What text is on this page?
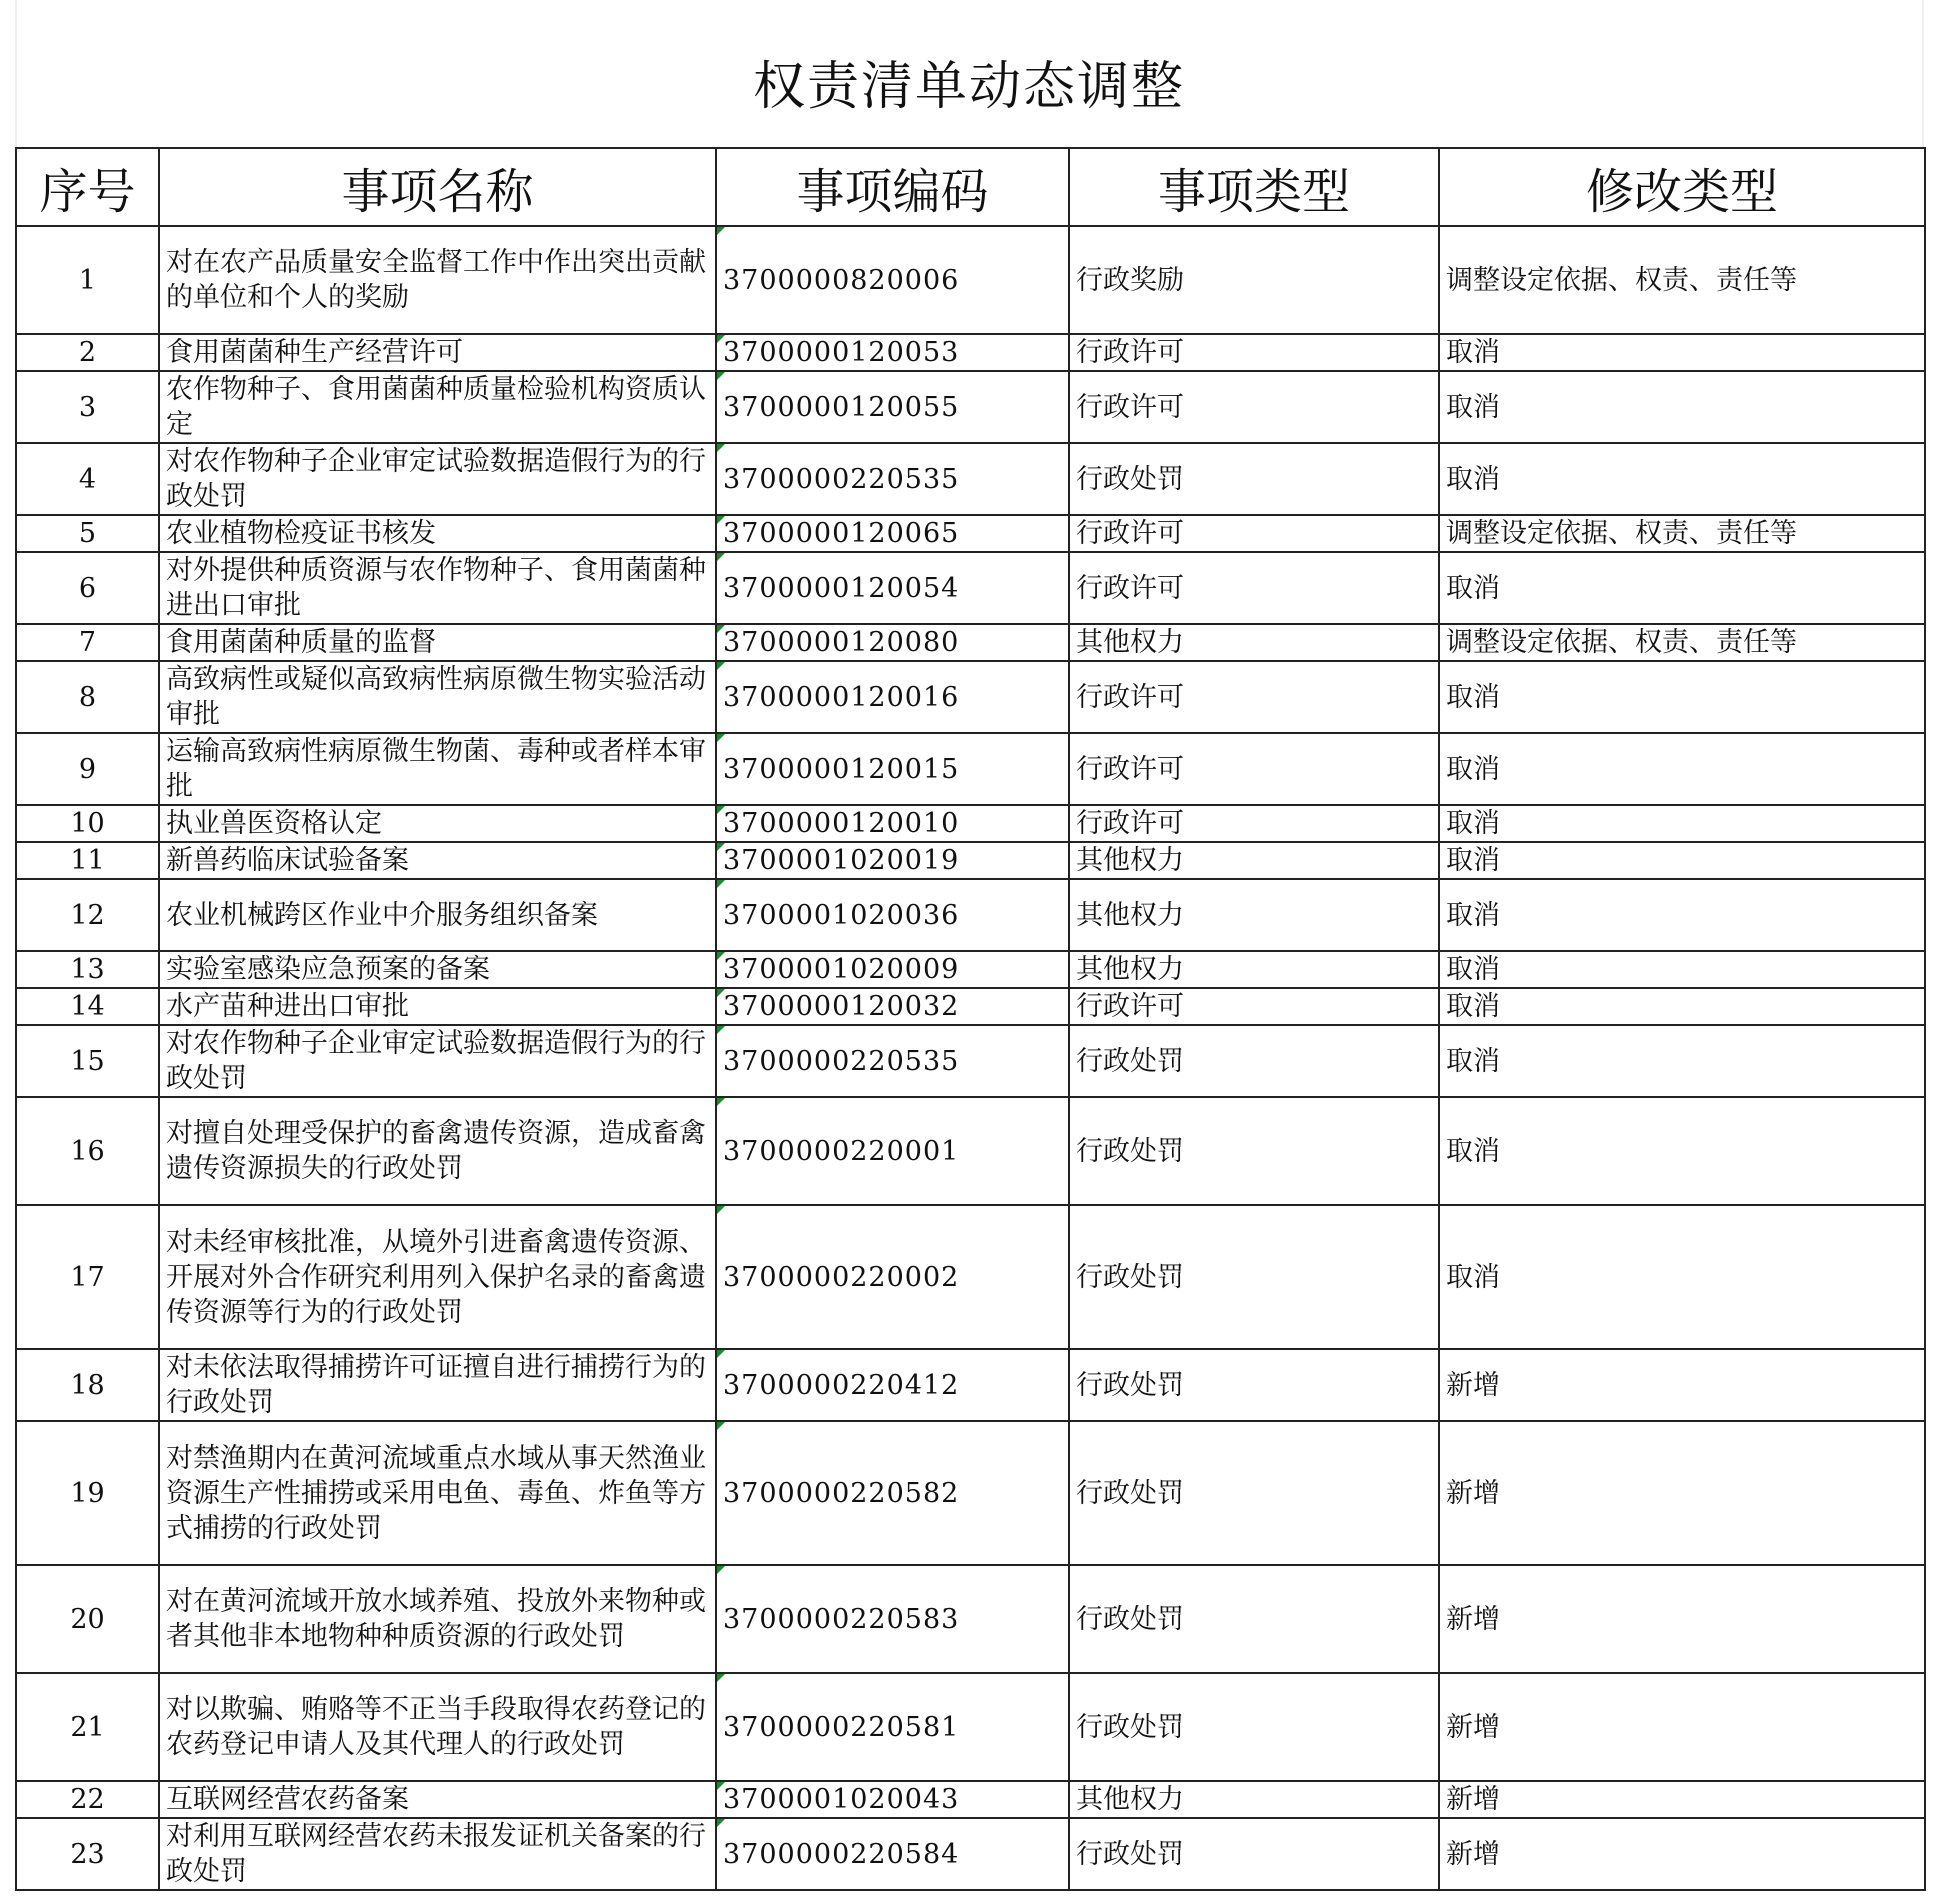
权责清单动态调整
序号	事项名称	事项编码	事项类型	修改类型
1	对在农产品质量安全监督工作中作出突出贡献的单位和个人的奖励	3700000820006	行政奖励	调整设定依据、权责、责任等
2	食用菌菌种生产经营许可	3700000120053	行政许可	取消
3	农作物种子、食用菌菌种质量检验机构资质认定	3700000120055	行政许可	取消
4	对农作物种子企业审定试验数据造假行为的行政处罚	3700000220535	行政处罚	取消
5	农业植物检疫证书核发	3700000120065	行政许可	调整设定依据、权责、责任等
6	对外提供种质资源与农作物种子、食用菌菌种进出口审批	3700000120054	行政许可	取消
7	食用菌菌种质量的监督	3700000120080	其他权力	调整设定依据、权责、责任等
8	高致病性或疑似高致病性病原微生物实验活动审批	3700000120016	行政许可	取消
9	运输高致病性病原微生物菌、毒种或者样本审批	3700000120015	行政许可	取消
10	执业兽医资格认定	3700000120010	行政许可	取消
11	新兽药临床试验备案	3700001020019	其他权力	取消
12	农业机械跨区作业中介服务组织备案	3700001020036	其他权力	取消
13	实验室感染应急预案的备案	3700001020009	其他权力	取消
14	水产苗种进出口审批	3700000120032	行政许可	取消
15	对农作物种子企业审定试验数据造假行为的行政处罚	3700000220535	行政处罚	取消
16	对擅自处理受保护的畜禽遗传资源，造成畜禽遗传资源损失的行政处罚	3700000220001	行政处罚	取消
17	对未经审核批准，从境外引进畜禽遗传资源、开展对外合作研究利用列入保护名录的畜禽遗传资源等行为的行政处罚	3700000220002	行政处罚	取消
18	对未依法取得捕捞许可证擅自进行捕捞行为的行政处罚	3700000220412	行政处罚	新增
19	对禁渔期内在黄河流域重点水域从事天然渔业资源生产性捕捞或采用电鱼、毒鱼、炸鱼等方式捕捞的行政处罚	3700000220582	行政处罚	新增
20	对在黄河流域开放水域养殖、投放外来物种或者其他非本地物种种质资源的行政处罚	3700000220583	行政处罚	新增
21	对以欺骗、贿赂等不正当手段取得农药登记的农药登记申请人及其代理人的行政处罚	3700000220581	行政处罚	新增
22	互联网经营农药备案	3700001020043	其他权力	新增
23	对利用互联网经营农药未报发证机关备案的行政处罚	3700000220584	行政处罚	新增
